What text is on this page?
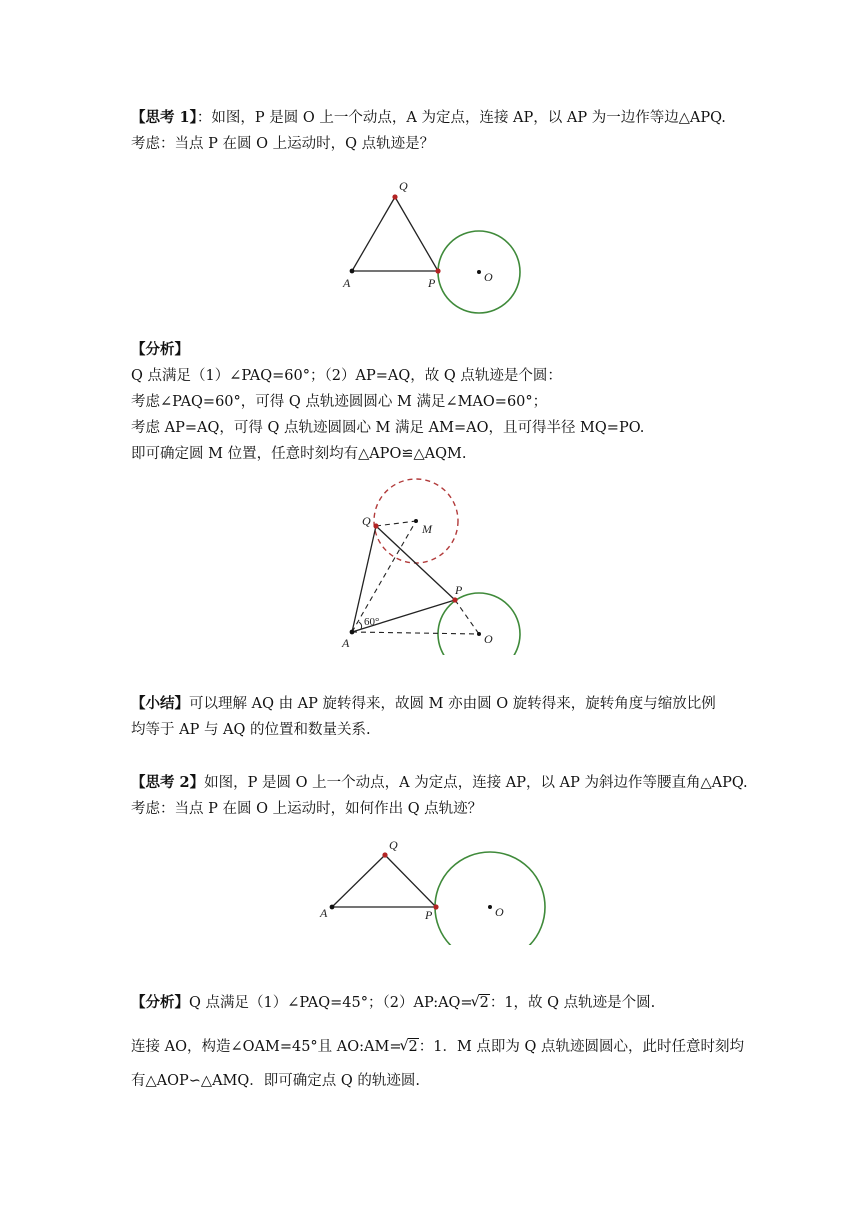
【思考 1】：如图，P 是圆 O 上一个动点，A 为定点，连接 AP，以 AP 为一边作等边△APQ.
考虑：当点 P 在圆 O 上运动时，Q 点轨迹是？
Q
A	P	O
【分析】
Q 点满足（1）∠PAQ=60°；（2）AP=AQ，故 Q 点轨迹是个圆：
考虑∠PAQ=60°，可得 Q 点轨迹圆圆心 M 满足∠MAO=60°；
考虑 AP=AQ，可得 Q 点轨迹圆圆心 M 满足 AM=AO，且可得半径 MQ=PO.
即可确定圆 M 位置，任意时刻均有△APO≌△AQM.
Q
M
P
A	O
60°
【小结】可以理解 AQ 由 AP 旋转得来，故圆 M 亦由圆 O 旋转得来，旋转角度与缩放比例
均等于 AP 与 AQ 的位置和数量关系.
【思考 2】如图，P 是圆 O 上一个动点，A 为定点，连接 AP，以 AP 为斜边作等腰直角△APQ.
考虑：当点 P 在圆 O 上运动时，如何作出 Q 点轨迹？
Q
A	P	O
【分析】Q 点满足（1）∠PAQ=45°；（2）AP:AQ=
√ 2：1，故 Q 点轨迹是个圆.
连接 AO，构造∠OAM=45°且 AO:AM=
√ 2：1．M 点即为 Q 点轨迹圆圆心，此时任意时刻均
有△AOP∽△AMQ．即可确定点 Q 的轨迹圆.
